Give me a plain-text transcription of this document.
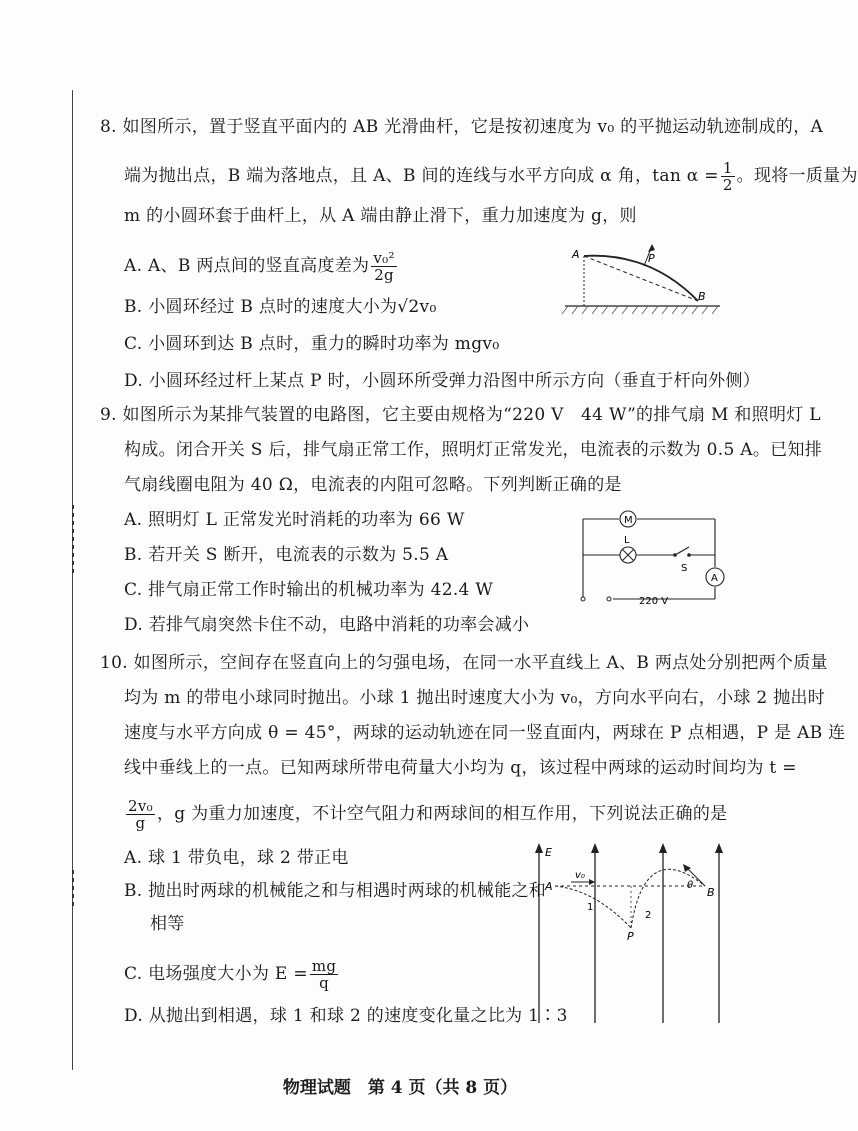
8. 如图所示，置于竖直平面内的 AB 光滑曲杆，它是按初速度为 v₀ 的平抛运动轨迹制成的，A
端为抛出点，B 端为落地点，且 A、B 间的连线与水平方向成 α 角，$\tan \alpha = \frac{1}{2}$ 。现将一质量为
m 的小圆环套于曲杆上，从 A 端由静止滑下，重力加速度为 g，则
A. A、B 两点间的竖直高度差为 $\frac{\text{v₀²}}{2g}$
B. 小圆环经过 B 点时的速度大小为√2v₀
C. 小圆环到达 B 点时，重力的瞬时功率为 mgv₀
D. 小圆环经过杆上某点 P 时，小圆环所受弹力沿图中所示方向（垂直于杆向外侧）
A	P
B
9. 如图所示为某排气装置的电路图，它主要由规格为“220 V　44 W”的排气扇 M 和照明灯 L
构成。闭合开关 S 后，排气扇正常工作，照明灯正常发光，电流表的示数为 0.5 A。已知排
气扇线圈电阻为 40 Ω，电流表的内阻可忽略。下列判断正确的是
A. 照明灯 L 正常发光时消耗的功率为 66 W
B. 若开关 S 断开，电流表的示数为 5.5 A
C. 排气扇正常工作时输出的机械功率为 42.4 W
D. 若排气扇突然卡住不动，电路中消耗的功率会减小
M
L
S
A
220 V
10. 如图所示，空间存在竖直向上的匀强电场，在同一水平直线上 A、B 两点处分别把两个质量
均为 m 的带电小球同时抛出。小球 1 抛出时速度大小为 v₀，方向水平向右，小球 2 抛出时
速度与水平方向成 θ = 45°，两球的运动轨迹在同一竖直面内，两球在 P 点相遇，P 是 AB 连
线中垂线上的一点。已知两球所带电荷量大小均为 q，该过程中两球的运动时间均为 t =
$\frac{\text{2v₀}}{g}$ ，g 为重力加速度，不计空气阻力和两球间的相互作用，下列说法正确的是
A. 球 1 带负电，球 2 带正电
B. 抛出时两球的机械能之和与相遇时两球的机械能之和
相等
C. 电场强度大小为 $E = \frac{mg}{q}$
D. 从抛出到相遇，球 1 和球 2 的速度变化量之比为 1∶3
E
A	B
P
v₀
1
2
θ
物理试题　第 4 页（共 8 页）
